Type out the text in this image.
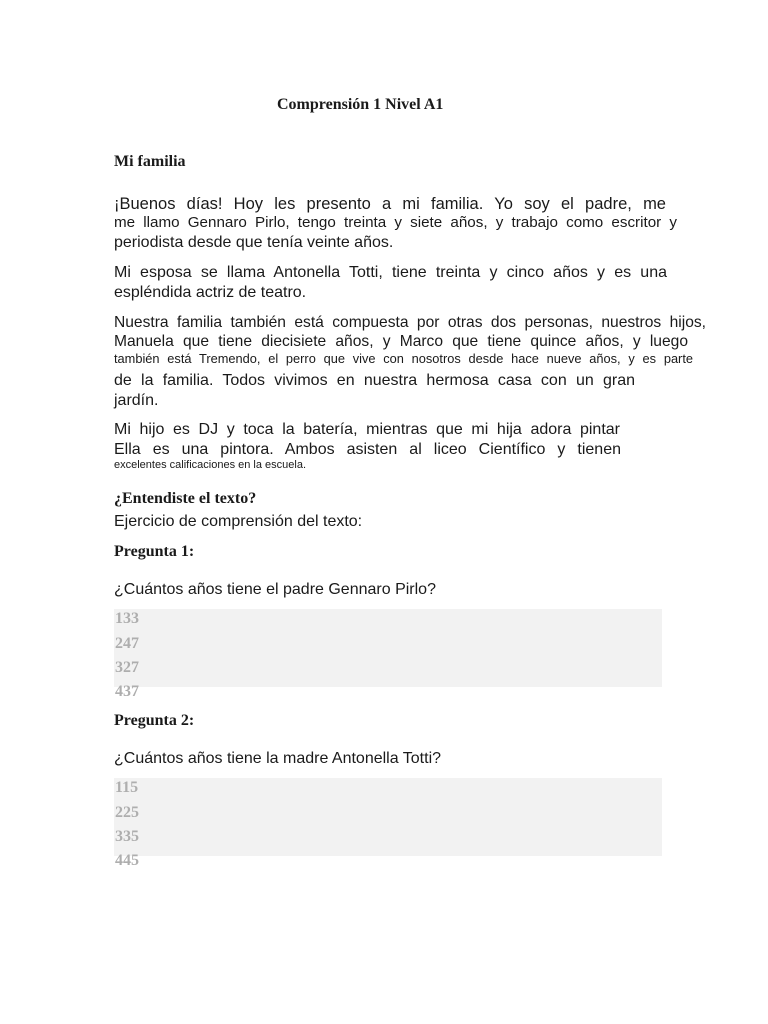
Comprensión 1 Nivel A1
Mi familia
¡Buenos días! Hoy les presento a mi familia. Yo soy el padre, me
me llamo Gennaro Pirlo, tengo treinta y siete años, y trabajo como escritor y
periodista desde que tenía veinte años.
Mi esposa se llama Antonella Totti, tiene treinta y cinco años y es una
espléndida actriz de teatro.
Nuestra familia también está compuesta por otras dos personas, nuestros hijos,
Manuela que tiene diecisiete años, y Marco que tiene quince años, y luego
también está Tremendo, el perro que vive con nosotros desde hace nueve años, y es parte
de la familia. Todos vivimos en nuestra hermosa casa con un gran
jardín.
Mi hijo es DJ y toca la batería, mientras que mi hija adora pintar
Ella es una pintora. Ambos asisten al liceo Científico y tienen
excelentes calificaciones en la escuela.
¿Entendiste el texto?
Ejercicio de comprensión del texto:
Pregunta 1:
¿Cuántos años tiene el padre Gennaro Pirlo?
133
247
327
437
Pregunta 2:
¿Cuántos años tiene la madre Antonella Totti?
115
225
335
445
